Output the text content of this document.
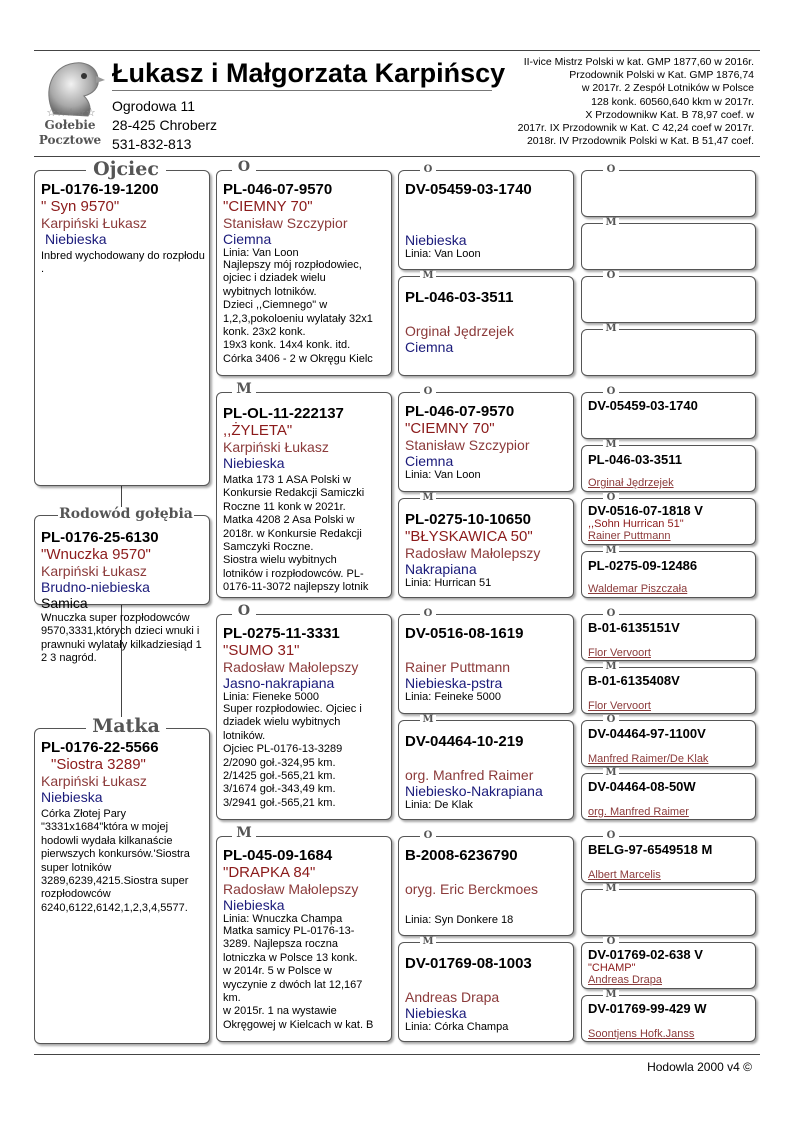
☆☆☆☆☆
Gołebie
Pocztowe
Łukasz i Małgorzata Karpińscy
Ogrodowa 11
28-425 Chroberz
531-832-813
II-vice Mistrz Polski w kat. GMP 1877,60 w 2016r.
Przodownik Polski w Kat. GMP 1876,74
w 2017r. 2 Zespół Lotników w Polsce
128 konk. 60560,640 kkm w 2017r.
X Przodownikw Kat. B 78,97 coef. w
2017r. IX Przodownik w Kat. C 42,24 coef w 2017r.
2018r. IV Przodownik Polski w Kat. B 51,47 coef.
PL-0176-19-1200
" Syn 9570"
Karpiński Łukasz
Niebieska
Inbred wychodowany do rozpłodu .
Ojciec
PL-0176-25-6130
"Wnuczka 9570"
Karpiński Łukasz
Brudno-niebieska
Samica
Wnuczka super rozpłodowców 9570,3331,których dzieci wnuki i prawnuki wylatały kilkadziesiąd 1 2 3 nagród.
Rodowód gołębia
PL-0176-22-5566
"Siostra 3289"
Karpiński Łukasz
Niebieska
Córka Złotej Pary "3331x1684"która w mojej hodowli wydała kilkanaście pierwszych konkursów.'Siostra super lotników 3289,6239,4215.Siostra super rozpłodowców 6240,6122,6142,1,2,3,4,5577.
Matka
PL-046-07-9570
"CIEMNY 70"
Stanisław Szczypior
Ciemna
Linia: Van Loon
Najlepszy mój rozpłodowiec, ojciec i dziadek wielu
wybitnych lotników.
Dzieci ,,Ciemnego" w
1,2,3,pokoloeniu wylatały 32x1
konk. 23x2 konk.
19x3 konk. 14x4 konk. itd.
Córka 3406 - 2 w Okręgu Kielc
O
PL-OL-11-222137
,,ŻYLETA"
Karpiński Łukasz
Niebieska
Matka 173 1 ASA Polski w
Konkursie Redakcji Samiczki
Roczne 11 konk w 2021r.
Matka 4208 2 Asa Polski w
2018r. w Konkursie Redakcji
Samczyki Roczne.
Siostra wielu wybitnych
lotników i rozpłodowców. PL-
0176-11-3072 najlepszy lotnik
M
PL-0275-11-3331
"SUMO 31"
Radosław Małolepszy
Jasno-nakrapiana
Linia: Fieneke 5000
Super rozpłodowiec. Ojciec i
dziadek wielu wybitnych
lotników.
Ojciec PL-0176-13-3289
2/2090 goł.-324,95 km.
2/1425 goł.-565,21 km.
3/1674 goł.-343,49 km.
3/2941 goł.-565,21 km.
O
PL-045-09-1684
"DRAPKA 84"
Radosław Małolepszy
Niebieska
Linia: Wnuczka Champa
Matka samicy PL-0176-13-
3289. Najlepsza roczna
lotniczka w Polsce 13 konk.
w 2014r. 5 w Polsce w
wyczynie z dwóch lat 12,167
km.
w 2015r. 1 na wystawie
Okręgowej w Kielcach w kat. B
M
DV-05459-03-1740
Niebieska
Linia: Van Loon
O
PL-046-03-3511
Orginał Jędrzejek
Ciemna
M
PL-046-07-9570
"CIEMNY 70"
Stanisław Szczypior
Ciemna
Linia: Van Loon
O
PL-0275-10-10650
"BŁYSKAWICA 50"
Radosław Małolepszy
Nakrapiana
Linia: Hurrican 51
M
DV-0516-08-1619
Rainer Puttmann
Niebieska-pstra
Linia: Feineke 5000
O
DV-04464-10-219
org. Manfred Raimer
Niebiesko-Nakrapiana
Linia: De Klak
M
B-2008-6236790
oryg. Eric Berckmoes
Linia: Syn Donkere 18
O
DV-01769-08-1003
Andreas Drapa
Niebieska
Linia: Córka Champa
M
O
M
O
M
DV-05459-03-1740
O
PL-046-03-3511
Orginał Jędrzejek
M
DV-0516-07-1818 V
,,Sohn Hurrican 51"
Rainer Puttmann
O
PL-0275-09-12486
Waldemar Piszczała
M
B-01-6135151V
Flor Vervoort
O
B-01-6135408V
Flor Vervoort
M
DV-04464-97-1100V
Manfred Raimer/De Klak
O
DV-04464-08-50W
org. Manfred Raimer
M
BELG-97-6549518 M
Albert Marcelis
O
M
DV-01769-02-638 V
"CHAMP"
Andreas Drapa
O
DV-01769-99-429 W
Soontjens Hofk.Janss
M
Hodowla 2000 v4 ©
